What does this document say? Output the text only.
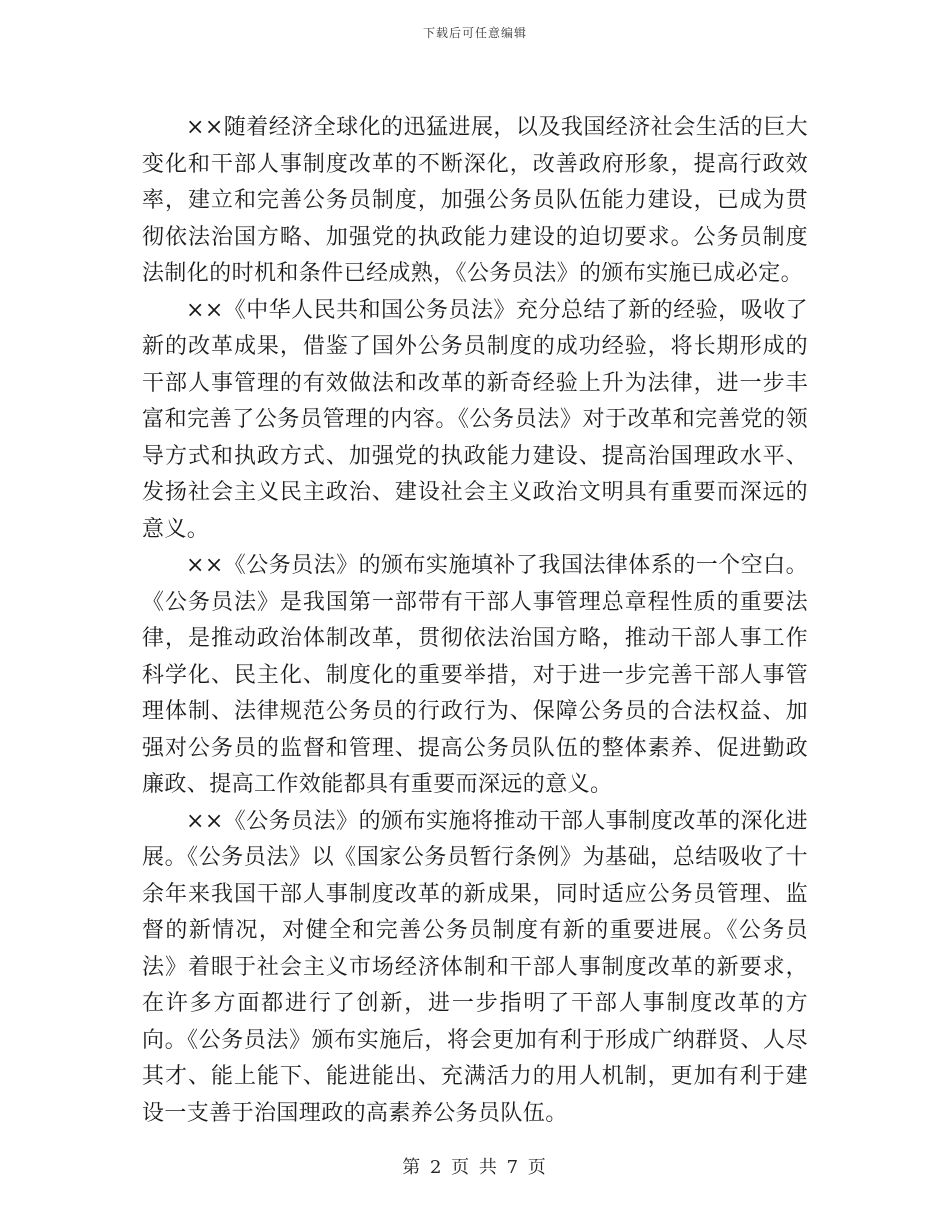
下载后可任意编辑

××随着经济全球化的迅猛进展，以及我国经济社会生活的巨大变化和干部人事制度改革的不断深化，改善政府形象，提高行政效率，建立和完善公务员制度，加强公务员队伍能力建设，已成为贯彻依法治国方略、加强党的执政能力建设的迫切要求。公务员制度法制化的时机和条件已经成熟，《公务员法》的颁布实施已成必定。

××《中华人民共和国公务员法》充分总结了新的经验，吸收了新的改革成果，借鉴了国外公务员制度的成功经验，将长期形成的干部人事管理的有效做法和改革的新奇经验上升为法律，进一步丰富和完善了公务员管理的内容。《公务员法》对于改革和完善党的领导方式和执政方式、加强党的执政能力建设、提高治国理政水平、发扬社会主义民主政治、建设社会主义政治文明具有重要而深远的意义。

××《公务员法》的颁布实施填补了我国法律体系的一个空白。《公务员法》是我国第一部带有干部人事管理总章程性质的重要法律，是推动政治体制改革，贯彻依法治国方略，推动干部人事工作科学化、民主化、制度化的重要举措，对于进一步完善干部人事管理体制、法律规范公务员的行政行为、保障公务员的合法权益、加强对公务员的监督和管理、提高公务员队伍的整体素养、促进勤政廉政、提高工作效能都具有重要而深远的意义。

××《公务员法》的颁布实施将推动干部人事制度改革的深化进展。《公务员法》以《国家公务员暂行条例》为基础，总结吸收了十余年来我国干部人事制度改革的新成果，同时适应公务员管理、监督的新情况，对健全和完善公务员制度有新的重要进展。《公务员法》着眼于社会主义市场经济体制和干部人事制度改革的新要求，在许多方面都进行了创新，进一步指明了干部人事制度改革的方向。《公务员法》颁布实施后，将会更加有利于形成广纳群贤、人尽其才、能上能下、能进能出、充满活力的用人机制，更加有利于建设一支善于治国理政的高素养公务员队伍。

第 2 页 共 7 页
